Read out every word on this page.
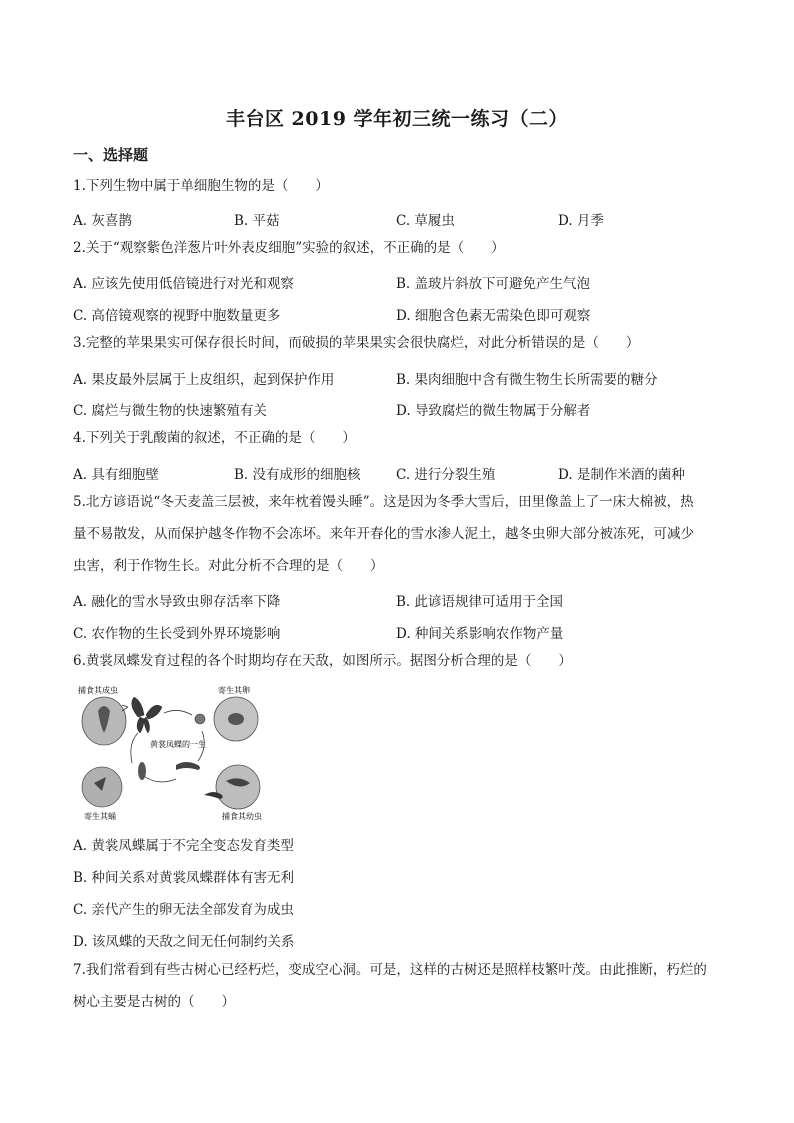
丰台区 2019 学年初三统一练习（二）
一、选择题
1.下列生物中属于单细胞生物的是（　　）
A. 灰喜鹊	B. 平菇	C. 草履虫	D. 月季
2.关于“观察紫色洋葱片叶外表皮细胞”实验的叙述，不正确的是（　　）
A. 应该先使用低倍镜进行对光和观察	B. 盖玻片斜放下可避免产生气泡
C. 高倍镜观察的视野中胞数量更多	D. 细胞含色素无需染色即可观察
3.完整的苹果果实可保存很长时间，而破损的苹果果实会很快腐烂，对此分析错误的是（　　）
A. 果皮最外层属于上皮组织，起到保护作用	B. 果肉细胞中含有微生物生长所需要的糖分
C. 腐烂与微生物的快速繁殖有关	D. 导致腐烂的微生物属于分解者
4.下列关于乳酸菌的叙述，不正确的是（　　）
A. 具有细胞壁	B. 没有成形的细胞核	C. 进行分裂生殖	D. 是制作米酒的菌种
5.北方谚语说“冬天麦盖三层被，来年枕着馒头睡”。这是因为冬季大雪后，田里像盖上了一床大棉被，热
量不易散发，从而保护越冬作物不会冻坏。来年开春化的雪水渗人泥土，越冬虫卵大部分被冻死，可减少
虫害，利于作物生长。对此分析不合理的是（　　）
A. 融化的雪水导致虫卵存活率下降	B. 此谚语规律可适用于全国
C. 农作物的生长受到外界环境影响	D. 种间关系影响农作物产量
6.黄裳凤蝶发育过程的各个时期均存在天敌，如图所示。据图分析合理的是（　　）
捕食其成虫	寄生其卵
黄裳凤蝶的一生
寄生其蛹	捕食其幼虫
A. 黄裳凤蝶属于不完全变态发育类型
B. 种间关系对黄裳凤蝶群体有害无利
C. 亲代产生的卵无法全部发育为成虫
D. 该凤蝶的天敌之间无任何制约关系
7.我们常看到有些古树心已经朽烂，变成空心洞。可是，这样的古树还是照样枝繁叶茂。由此推断，朽烂的
树心主要是古树的（　　）
